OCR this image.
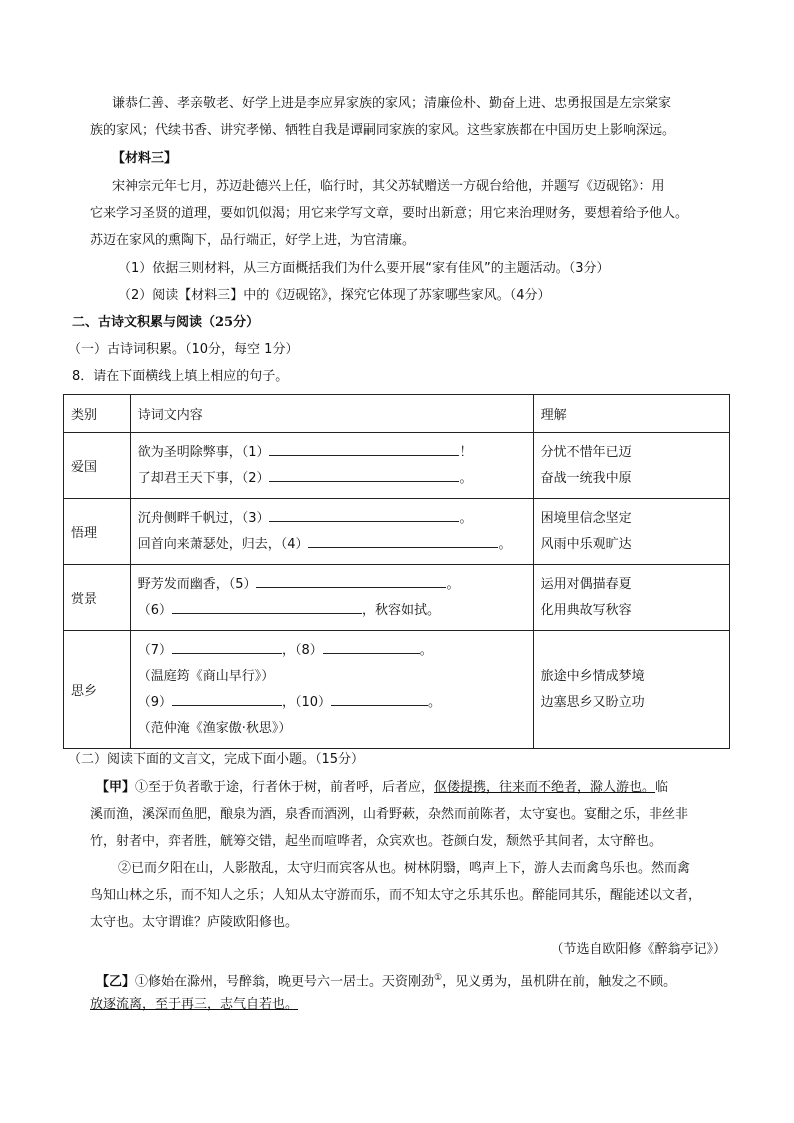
谦恭仁善、孝亲敬老、好学上进是李应昇家族的家风；清廉俭朴、勤奋上进、忠勇报国是左宗棠家
族的家风；代续书香、讲究孝悌、牺牲自我是谭嗣同家族的家风。这些家族都在中国历史上影响深远。
【材料三】
宋神宗元年七月，苏迈赴德兴上任，临行时，其父苏轼赠送一方砚台给他，并题写《迈砚铭》：用
它来学习圣贤的道理，要如饥似渴；用它来学写文章，要时出新意；用它来治理财务，要想着给予他人。
苏迈在家风的熏陶下，品行端正，好学上进，为官清廉。
（1）依据三则材料，从三方面概括我们为什么要开展“家有佳风”的主题活动。（3分）
（2）阅读【材料三】中的《迈砚铭》，探究它体现了苏家哪些家风。（4分）
二、古诗文积累与阅读（25分）
（一）古诗词积累。（10分，每空 1分）
8．请在下面横线上填上相应的句子。
类别	诗词文内容	理解
爱国	欲为圣明除弊事，（1） ！
了却君王天下事，（2） 。	分忧不惜年已迈
奋战一统我中原

悟理	沉舟侧畔千帆过，（3） 。
回首向来萧瑟处，归去，（4） 。	困境里信念坚定
风雨中乐观旷达

赏景	野芳发而幽香，（5） 。
（6） ，秋容如拭。	运用对偶描春夏
化用典故写秋容

思乡	（7） ，（8） 。
（温庭筠《商山早行》）
（9） ，（10） 。
（范仲淹《渔家傲·秋思》）	旅途中乡情成梦境
边塞思乡又盼立功
（二）阅读下面的文言文，完成下面小题。（15分）
【甲】①至于负者歌于途，行者休于树，前者呼，后者应，伛偻提携，往来而不绝者，滁人游也。临
溪而渔，溪深而鱼肥，酿泉为酒，泉香而酒洌，山肴野蔌，杂然而前陈者，太守宴也。宴酣之乐，非丝非
竹，射者中，弈者胜，觥筹交错，起坐而喧哗者，众宾欢也。苍颜白发，颓然乎其间者，太守醉也。
②已而夕阳在山，人影散乱，太守归而宾客从也。树林阴翳，鸣声上下，游人去而禽鸟乐也。然而禽
鸟知山林之乐，而不知人之乐；人知从太守游而乐，而不知太守之乐其乐也。醉能同其乐，醒能述以文者，
太守也。太守谓谁？庐陵欧阳修也。
（节选自欧阳修《醉翁亭记》）
【乙】①修始在滁州，号醉翁，晚更号六一居士。天资刚劲①，见义勇为，虽机阱在前，触发之不顾。
放逐流离，至于再三，志气自若也。
